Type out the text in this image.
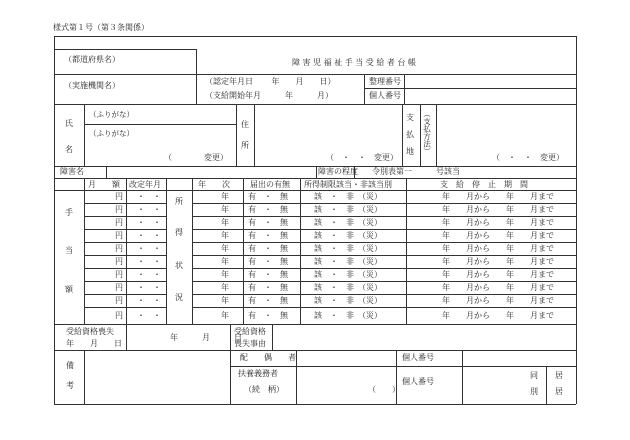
様式第１号（第３条関係）
障 害 児 福 祉 手 当 受 給 者 台 帳
（都道府県名）
（実施機関名）	（認定年月日　　 年　　月　　日）
（支給開始年月　　　年　　　月）
整理番号
個人番号
氏
名
（ふりがな）
（ふりがな）
（　　　　変更）
住
所
（　・　・　変更）
支
払
地 （支払方法）
（　・　・　変更）
障害名	障害の程度 令別表第一　　　号該当
月　　額 改定年月	年　　次	届出の有無 所得制限該当・非該当別	支　給　停　止　期　間
手
当
額
所
得
状
況
円 ・　・	年 有　・　無	該　・　非　（災）	年　　月から　　年　　月まで
円 ・　・	年 有　・　無	該　・　非　（災）	年　　月から　　年　　月まで
円 ・　・	年 有　・　無	該　・　非　（災）	年　　月から　　年　　月まで
円 ・　・	年 有　・　無	該　・　非　（災）	年　　月から　　年　　月まで
円 ・　・	年 有　・　無	該　・　非　（災）	年　　月から　　年　　月まで
円 ・　・	年 有　・　無	該　・　非　（災）	年　　月から　　年　　月まで
円 ・　・	年 有　・　無	該　・　非　（災）	年　　月から　　年　　月まで
円 ・　・	年 有　・　無	該　・　非　（災）	年　　月から　　年　　月まで
円 ・　・	年 有　・　無	該　・　非　（災）	年　　月から　　年　　月まで
円 ・　・	年 有　・　無	該　・　非　（災）	年　　月から　　年　　月まで
受給資格喪失
年　　月　　日
年　　　月　　　日
受給資格
喪失事由
備
考
配　　偶　　者	個人番号
扶養義務者
（続　柄）	（　　）
個人番号
同 居
別 居
